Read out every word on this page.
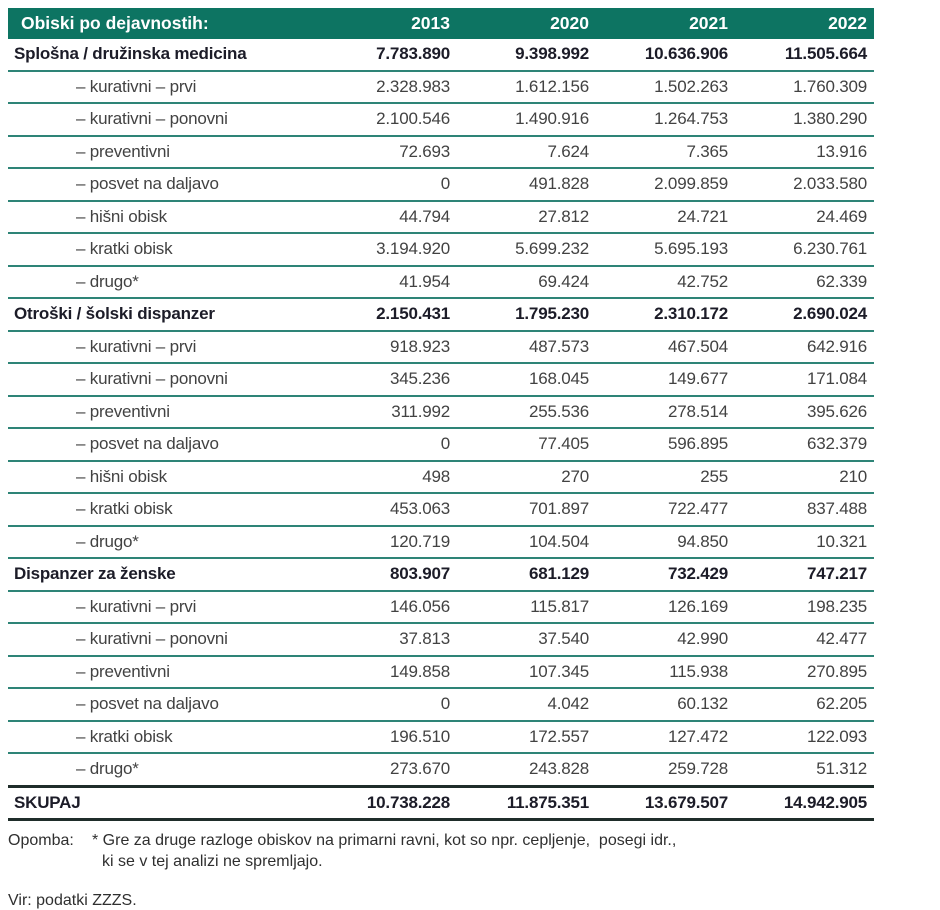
Obiski po dejavnostih:	2013	2020	2021	2022
Splošna / družinska medicina	7.783.890	9.398.992	10.636.906	11.505.664
– kurativni – prvi	2.328.983	1.612.156	1.502.263	1.760.309
– kurativni – ponovni	2.100.546	1.490.916	1.264.753	1.380.290
– preventivni	72.693	7.624	7.365	13.916
– posvet na daljavo	0	491.828	2.099.859	2.033.580
– hišni obisk	44.794	27.812	24.721	24.469
– kratki obisk	3.194.920	5.699.232	5.695.193	6.230.761
– drugo*	41.954	69.424	42.752	62.339
Otroški / šolski dispanzer	2.150.431	1.795.230	2.310.172	2.690.024
– kurativni – prvi	918.923	487.573	467.504	642.916
– kurativni – ponovni	345.236	168.045	149.677	171.084
– preventivni	311.992	255.536	278.514	395.626
– posvet na daljavo	0	77.405	596.895	632.379
– hišni obisk	498	270	255	210
– kratki obisk	453.063	701.897	722.477	837.488
– drugo*	120.719	104.504	94.850	10.321
Dispanzer za ženske	803.907	681.129	732.429	747.217
– kurativni – prvi	146.056	115.817	126.169	198.235
– kurativni – ponovni	37.813	37.540	42.990	42.477
– preventivni	149.858	107.345	115.938	270.895
– posvet na daljavo	0	4.042	60.132	62.205
– kratki obisk	196.510	172.557	127.472	122.093
– drugo*	273.670	243.828	259.728	51.312
SKUPAJ	10.738.228	11.875.351	13.679.507	14.942.905
Opomba:	* Gre za druge razloge obiskov na primarni ravni, kot so npr. cepljenje,  posegi idr.,
ki se v tej analizi ne spremljajo.
Vir: podatki ZZZS.
